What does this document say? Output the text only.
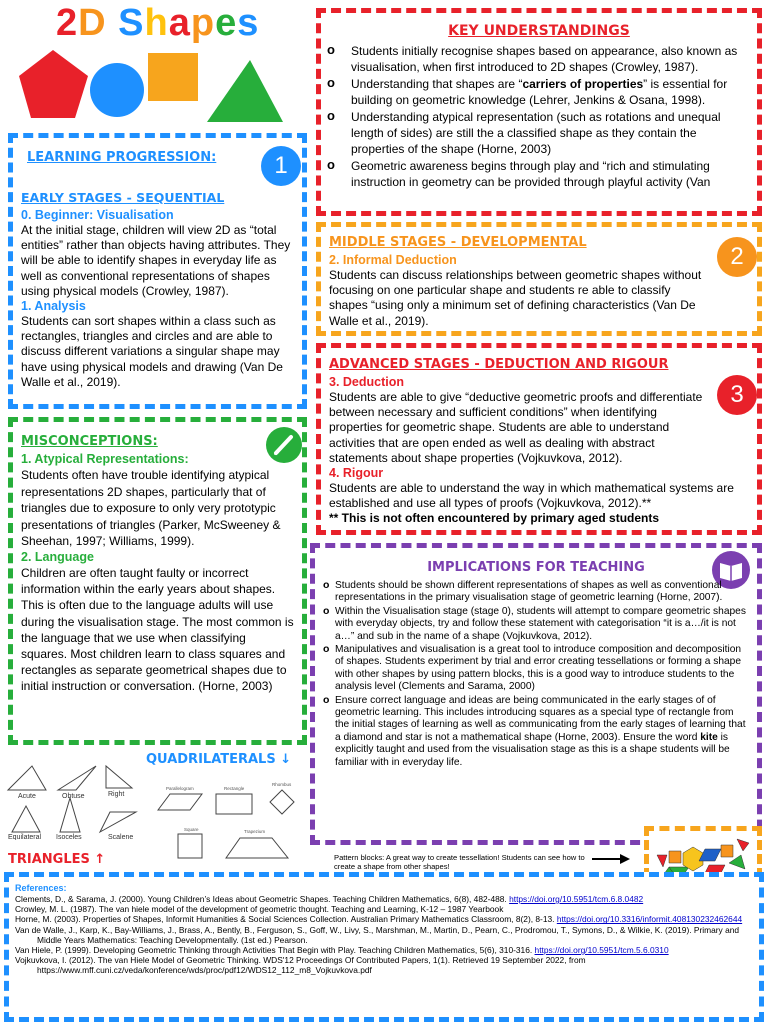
2D Shapes	KEY UNDERSTANDINGS
o Students initially recognise shapes based on appearance, also known as visualisation, when first introduced to 2D shapes (Crowley, 1987).
o Understanding that shapes are “carriers of properties” is essential for building on geometric knowledge (Lehrer, Jenkins & Osana, 1998).
o Understanding atypical representation (such as rotations and unequal length of sides) are still the a classified shape as they contain the properties of the shape (Horne, 2003)
o Geometric awareness begins through play and “rich and stimulating instruction in geometry can be provided through playful activity (Van
LEARNING PROGRESSION:	1
EARLY STAGES - SEQUENTIAL
0. Beginner: Visualisation
At the initial stage, children will view 2D as “total entities” rather than objects having attributes. They will be able to identify shapes in everyday life as well as conventional representations of shapes using physical models (Crowley, 1987).
1. Analysis
Students can sort shapes within a class such as rectangles, triangles and circles and are able to discuss different variations a singular shape may have using physical models and drawing (Van De Walle et al., 2019).
MIDDLE STAGES - DEVELOPMENTAL
2
2. Informal Deduction
Students can discuss relationships between geometric shapes without focusing on one particular shape and students re able to classify shapes “using only a minimum set of defining characteristics (Van De Walle et al., 2019).
ADVANCED STAGES - DEDUCTION AND RIGOUR
3
3. Deduction
Students are able to give “deductive geometric proofs and differentiate between necessary and sufficient conditions” when identifying properties for geometric shape. Students are able to understand activities that are open ended as well as dealing with abstract statements about shape properties (Vojkuvkova, 2012).
4. Rigour
Students are able to understand the way in which mathematical systems are established and use all types of proofs (Vojkuvkova, 2012).**
** This is not often encountered by primary aged students
MISCONCEPTIONS:
1. Atypical Representations:
Students often have trouble identifying atypical representations 2D shapes, particularly that of triangles due to exposure to only very prototypic presentations of triangles (Parker, McSweeney & Sheehan, 1997; Williams, 1999).
2. Language
Children are often taught faulty or incorrect information within the early years about shapes. This is often due to the language adults will use during the visualisation stage. The most common is the language that we use when classifying squares. Most children learn to class squares and rectangles as separate geometrical shapes due to initial instruction or conversation. (Horne, 2003)
IMPLICATIONS FOR TEACHING
o Students should be shown different representations of shapes as well as conventional representations in the primary visualisation stage of geometric learning (Horne, 2007).
o Within the Visualisation stage (stage 0), students will attempt to compare geometric shapes with everyday objects, try and follow these statement with categorisation “it is a…/it is not a…” and sub in the name of a shape (Vojkuvkova, 2012).
o Manipulatives and visualisation is a great tool to introduce composition and decomposition of shapes. Students experiment by trial and error creating tessellations or forming a shape with other shapes by using pattern blocks, this is a good way to introduce students to the analysis level (Clements and Sarama, 2000)
o Ensure correct language and ideas are being communicated in the early stages of of geometric learning. This includes introducing squares as a special type of rectangle from the initial stages of learning as well as communicating from the early stages of learning that a diamond and star is not a mathematical shape (Horne, 2003). Ensure the word kite is explicitly taught and used from the visualisation stage as this is a shape students will be familiar with in everyday life.
Acute	Obtuse	Right
Equilateral Isoceles	Scalene
QUADRILATERALS ↓
Parallelogram	Rectangle
Rhombus
Square	Trapezium
TRIANGLES ↑	Pattern blocks: A great way to create tessellation! Students can see how to create a shape from other shapes!
References:
Clements, D., & Sarama, J. (2000). Young Children’s Ideas about Geometric Shapes. Teaching Children Mathematics, 6(8), 482-488. https://doi.org/10.5951/tcm.6.8.0482
Crowley, M. L. (1987). The van hiele model of the development of geometric thought. Teaching and Learning, K-12 – 1987 Yearbook
Horne, M. (2003). Properties of Shapes, Informit Humanities & Social Sciences Collection. Australian Primary Mathematics Classroom, 8(2), 8-13. https://doi.org/10.3316/informit.408130232462644
Van de Walle, J., Karp, K., Bay-Williams, J., Brass, A., Bently, B., Ferguson, S., Goff, W., Livy, S., Marshman, M., Martin, D., Pearn, C., Prodromou, T., Symons, D., & Wilkie, K. (2019). Primary and Middle Years Mathematics: Teaching Developmentally. (1st ed.) Pearson.
Van Hiele, P. (1999). Developing Geometric Thinking through Activities That Begin with Play. Teaching Children Mathematics, 5(6), 310-316. https://doi.org/10.5951/tcm.5.6.0310
Vojkuvkova, I. (2012). The van Hiele Model of Geometric Thinking. WDS'12 Proceedings Of Contributed Papers, 1(1). Retrieved 19 September 2022, from https://www.mff.cuni.cz/veda/konference/wds/proc/pdf12/WDS12_112_m8_Vojkuvkova.pdf
